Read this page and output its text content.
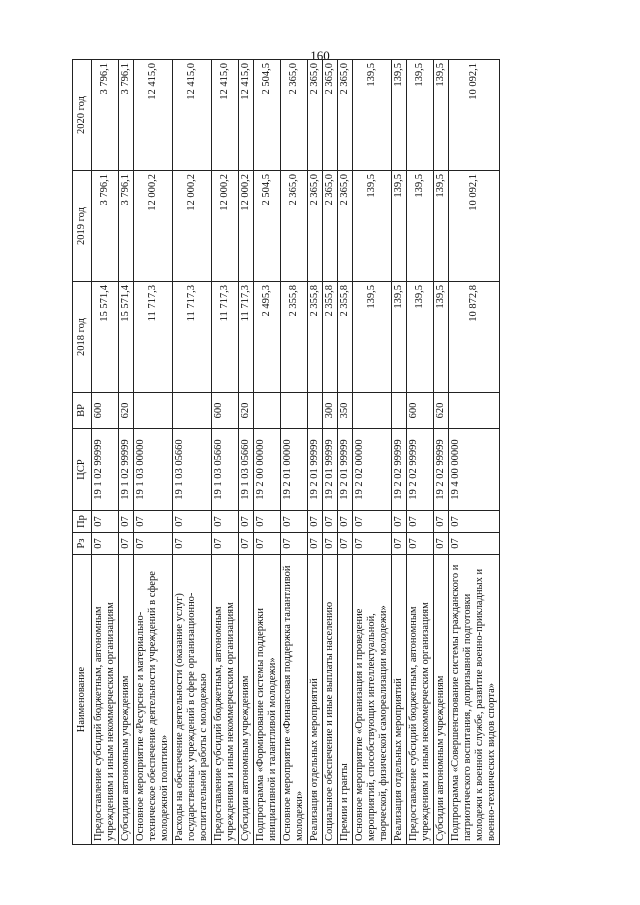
160
Наименование	Рз	Пр	ЦСР	ВР	2018 год	2019 год	2020 год
Предоставление субсидий бюджетным, автономным учреждениям и иным некоммерческим организациям	07	07	19 1 02 99999	600	15 571,4	3 796,1	3 796,1
Субсидии автономным учреждениям	07	07	19 1 02 99999	620	15 571,4	3 796,1	3 796,1
Основное мероприятие «Ресурсное и материально-техническое обеспечение деятельности учреждений в сфере молодежной политики»	07	07	19 1 03 00000		11 717,3	12 000,2	12 415,0
Расходы на обеспечение деятельности (оказание услуг) государственных учреждений в сфере организационно-воспитательной работы с молодежью	07	07	19 1 03 05660		11 717,3	12 000,2	12 415,0
Предоставление субсидий бюджетным, автономным учреждениям и иным некоммерческим организациям	07	07	19 1 03 05660	600	11 717,3	12 000,2	12 415,0
Субсидии автономным учреждениям	07	07	19 1 03 05660	620	11 717,3	12 000,2	12 415,0
Подпрограмма «Формирование системы поддержки инициативной и талантливой молодежи»	07	07	19 2 00 00000		2 495,3	2 504,5	2 504,5
Основное мероприятие «Финансовая поддержка талантливой молодежи»	07	07	19 2 01 00000		2 355,8	2 365,0	2 365,0
Реализация отдельных мероприятий	07	07	19 2 01 99999		2 355,8	2 365,0	2 365,0
Социальное обеспечение и иные выплаты населению	07	07	19 2 01 99999	300	2 355,8	2 365,0	2 365,0
Премии и гранты	07	07	19 2 01 99999	350	2 355,8	2 365,0	2 365,0
Основное мероприятие «Организация и проведение мероприятий, способствующих интеллектуальной, творческой, физической самореализации молодежи»	07	07	19 2 02 00000		139,5	139,5	139,5
Реализация отдельных мероприятий	07	07	19 2 02 99999		139,5	139,5	139,5
Предоставление субсидий бюджетным, автономным учреждениям и иным некоммерческим организациям	07	07	19 2 02 99999	600	139,5	139,5	139,5
Субсидии автономным учреждениям	07	07	19 2 02 99999	620	139,5	139,5	139,5
Подпрограмма «Совершенствование системы гражданского и патриотического воспитания, допризывной подготовки молодежи к военной службе, развитие военно-прикладных и военно-технических видов спорта»	07	07	19 4 00 00000		10 872,8	10 092,1	10 092,1
